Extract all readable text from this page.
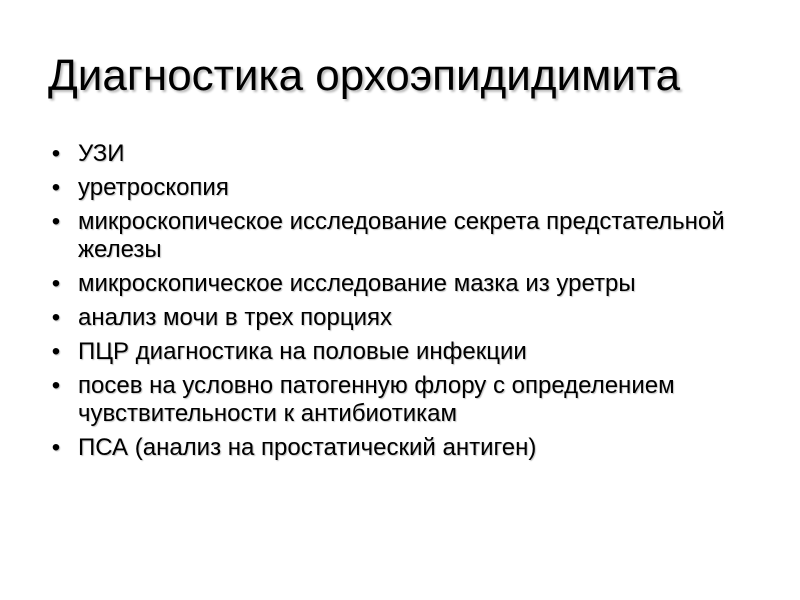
Диагностика орхоэпидидимита
• УЗИ
• уретроскопия
• микроскопическое исследование секрета предстательной железы
• микроскопическое исследование мазка из уретры
• анализ мочи в трех порциях
• ПЦР диагностика на половые инфекции
• посев на условно патогенную флору с определением чувствительности к антибиотикам
• ПСА (анализ на простатический антиген)
